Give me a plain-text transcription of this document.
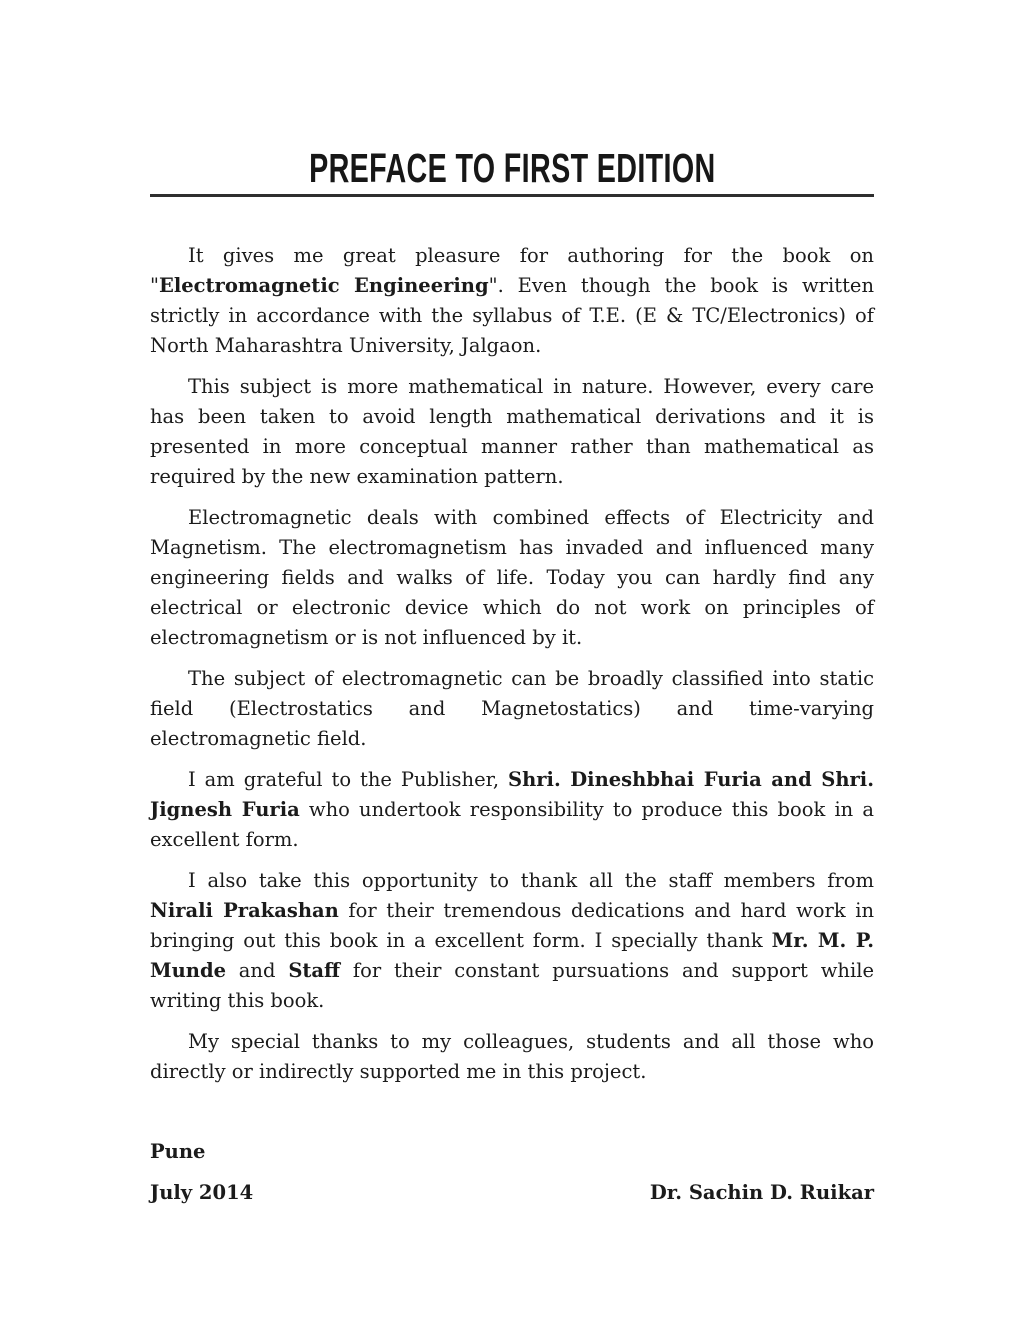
PREFACE TO FIRST EDITION

It gives me great pleasure for authoring for the book on "Electromagnetic Engineering". Even though the book is written strictly in accordance with the syllabus of T.E. (E & TC/Electronics) of North Maharashtra University, Jalgaon.

This subject is more mathematical in nature. However, every care has been taken to avoid length mathematical derivations and it is presented in more conceptual manner rather than mathematical as required by the new examination pattern.

Electromagnetic deals with combined effects of Electricity and Magnetism. The electromagnetism has invaded and influenced many engineering fields and walks of life. Today you can hardly find any electrical or electronic device which do not work on principles of electromagnetism or is not influenced by it.

The subject of electromagnetic can be broadly classified into static field (Electrostatics and Magnetostatics) and time-varying electromagnetic field.

I am grateful to the Publisher, Shri. Dineshbhai Furia and Shri. Jignesh Furia who undertook responsibility to produce this book in a excellent form.

I also take this opportunity to thank all the staff members from Nirali Prakashan for their tremendous dedications and hard work in bringing out this book in a excellent form. I specially thank Mr. M. P. Munde and Staff for their constant pursuations and support while writing this book.

My special thanks to my colleagues, students and all those who directly or indirectly supported me in this project.

Pune
July 2014	Dr. Sachin D. Ruikar
